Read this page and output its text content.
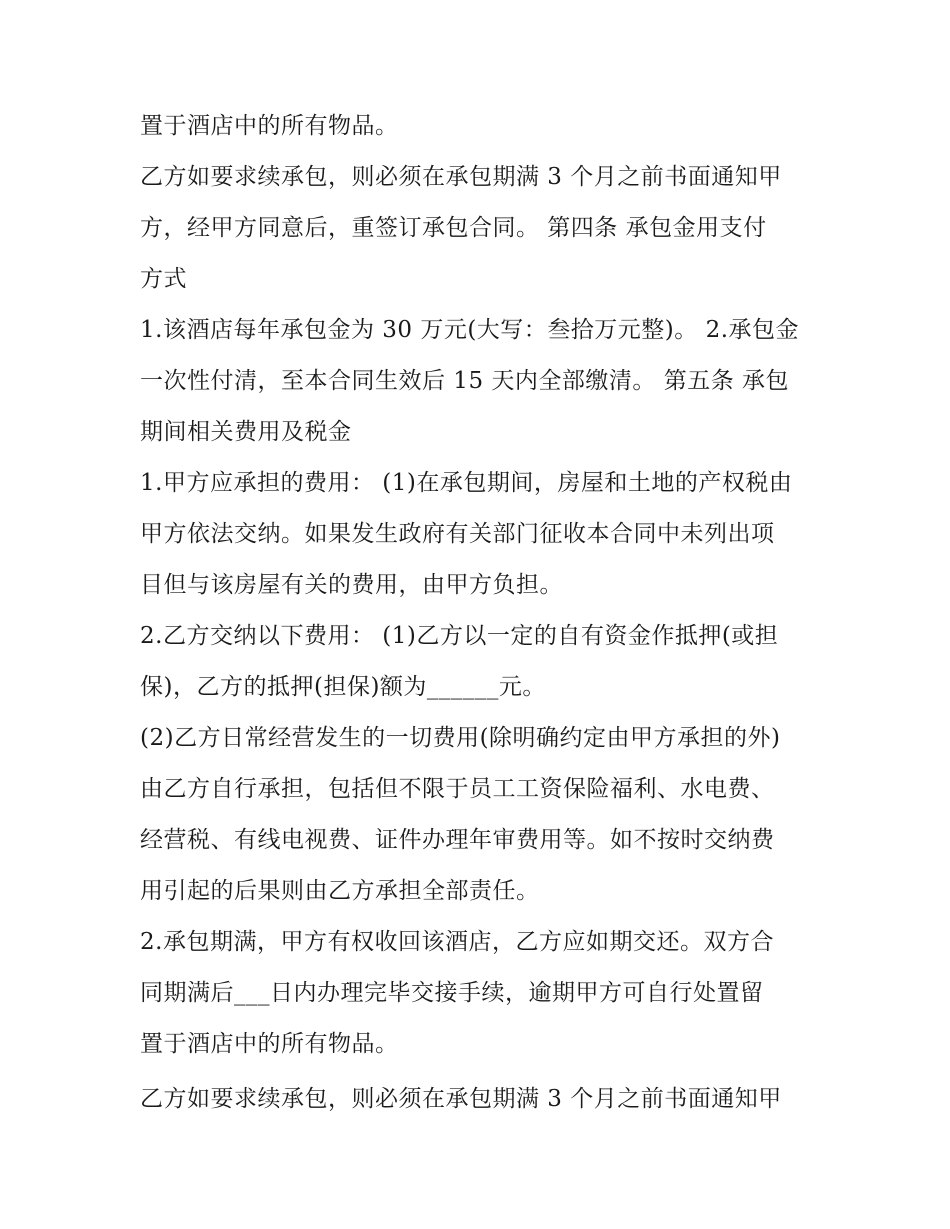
置于酒店中的所有物品。

乙方如要求续承包，则必须在承包期满 3 个月之前书面通知甲
方，经甲方同意后，重签订承包合同。 第四条 承包金用支付
方式

1.该酒店每年承包金为 30 万元(大写：叁拾万元整)。 2.承包金
一次性付清，至本合同生效后 15 天内全部缴清。 第五条 承包
期间相关费用及税金

1.甲方应承担的费用： (1)在承包期间，房屋和土地的产权税由
甲方依法交纳。如果发生政府有关部门征收本合同中未列出项
目但与该房屋有关的费用，由甲方负担。

2.乙方交纳以下费用： (1)乙方以一定的自有资金作抵押(或担
保)，乙方的抵押(担保)额为______元。

(2)乙方日常经营发生的一切费用(除明确约定由甲方承担的外)
由乙方自行承担，包括但不限于员工工资保险福利、水电费、
经营税、有线电视费、证件办理年审费用等。如不按时交纳费
用引起的后果则由乙方承担全部责任。

2.承包期满，甲方有权收回该酒店，乙方应如期交还。双方合
同期满后___日内办理完毕交接手续，逾期甲方可自行处置留
置于酒店中的所有物品。

乙方如要求续承包，则必须在承包期满 3 个月之前书面通知甲
